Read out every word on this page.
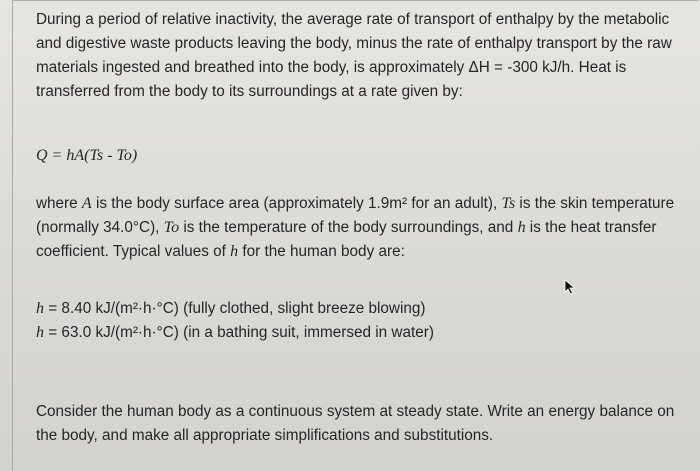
During a period of relative inactivity, the average rate of transport of enthalpy by the metabolic and digestive waste products leaving the body, minus the rate of enthalpy transport by the raw materials ingested and breathed into the body, is approximately ΔH = -300 kJ/h. Heat is transferred from the body to its surroundings at a rate given by:

Q = hA(Ts - To)

where A is the body surface area (approximately 1.9m² for an adult), Ts is the skin temperature (normally 34.0°C), To is the temperature of the body surroundings, and h is the heat transfer coefficient. Typical values of h for the human body are:

h = 8.40 kJ/(m²·h·°C) (fully clothed, slight breeze blowing)

h = 63.0 kJ/(m²·h·°C) (in a bathing suit, immersed in water)

Consider the human body as a continuous system at steady state. Write an energy balance on the body, and make all appropriate simplifications and substitutions.
